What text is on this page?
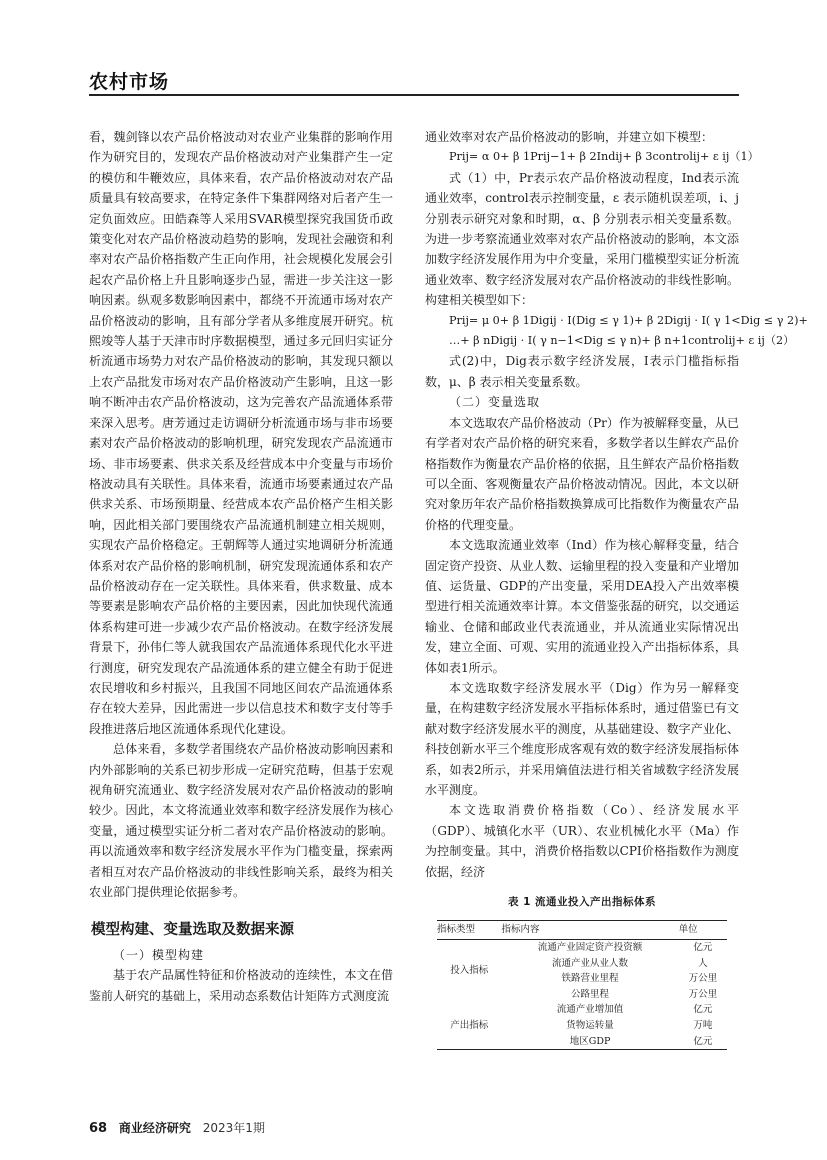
农村市场

看，魏剑锋以农产品价格波动对农业产业集群的影响作用作为研究目的，发现农产品价格波动对产业集群产生一定的模仿和牛鞭效应，具体来看，农产品价格波动对农产品质量具有较高要求，在特定条件下集群网络对后者产生一定负面效应。田皓森等人采用SVAR模型探究我国货币政策变化对农产品价格波动趋势的影响，发现社会融资和利率对农产品价格指数产生正向作用，社会规模化发展会引起农产品价格上升且影响逐步凸显，需进一步关注这一影响因素。纵观多数影响因素中，都绕不开流通市场对农产品价格波动的影响，且有部分学者从多维度展开研究。杭熙竣等人基于天津市时序数据模型，通过多元回归实证分析流通市场势力对农产品价格波动的影响，其发现只额以上农产品批发市场对农产品价格波动产生影响，且这一影响不断冲击农产品价格波动，这为完善农产品流通体系带来深入思考。唐芳通过走访调研分析流通市场与非市场要素对农产品价格波动的影响机理，研究发现农产品流通市场、非市场要素、供求关系及经营成本中介变量与市场价格波动具有关联性。具体来看，流通市场要素通过农产品供求关系、市场预期量、经营成本农产品价格产生相关影响，因此相关部门要围绕农产品流通机制建立相关规则，实现农产品价格稳定。王朝辉等人通过实地调研分析流通体系对农产品价格的影响机制，研究发现流通体系和农产品价格波动存在一定关联性。具体来看，供求数量、成本等要素是影响农产品价格的主要因素，因此加快现代流通体系构建可进一步减少农产品价格波动。在数字经济发展背景下，孙伟仁等人就我国农产品流通体系现代化水平进行测度，研究发现农产品流通体系的建立健全有助于促进农民增收和乡村振兴，且我国不同地区间农产品流通体系存在较大差异，因此需进一步以信息技术和数字支付等手段推进落后地区流通体系现代化建设。

总体来看，多数学者围绕农产品价格波动影响因素和内外部影响的关系已初步形成一定研究范畴，但基于宏观视角研究流通业、数字经济发展对农产品价格波动的影响较少。因此，本文将流通业效率和数字经济发展作为核心变量，通过模型实证分析二者对农产品价格波动的影响。再以流通效率和数字经济发展水平作为门槛变量，探索两者相互对农产品价格波动的非线性影响关系，最终为相关农业部门提供理论依据参考。

模型构建、变量选取及数据来源
（一）模型构建

基于农产品属性特征和价格波动的连续性，本文在借鉴前人研究的基础上，采用动态系数估计矩阵方式测度流

通业效率对农产品价格波动的影响，并建立如下模型：

Prij= α 0+ β 1Prij−1+ β 2Indij+ β 3controlij+ ε ij （1）

式（1）中，Pr表示农产品价格波动程度，Ind表示流通业效率，control表示控制变量，ε 表示随机误差项，i、j分别表示研究对象和时期，α、β 分别表示相关变量系数。为进一步考察流通业效率对农产品价格波动的影响，本文添加数字经济发展作用为中介变量，采用门槛模型实证分析流通业效率、数字经济发展对农产品价格波动的非线性影响。构建相关模型如下：

Prij= μ 0+ β 1Digij · I(Dig ≤ γ 1)+ β 2Digij · I( γ 1<Dig ≤ γ 2)+
…+ β nDigij · I( γ n−1<Dig ≤ γ n)+ β n+1controlij+ ε ij （2）

式(2)中，Dig表示数字经济发展，I表示门槛指标指数，μ、β 表示相关变量系数。

（二）变量选取

本文选取农产品价格波动（Pr）作为被解释变量，从已有学者对农产品价格的研究来看，多数学者以生鲜农产品价格指数作为衡量农产品价格的依据，且生鲜农产品价格指数可以全面、客观衡量农产品价格波动情况。因此，本文以研究对象历年农产品价格指数换算成可比指数作为衡量农产品价格的代理变量。

本文选取流通业效率（Ind）作为核心解释变量，结合固定资产投资、从业人数、运输里程的投入变量和产业增加值、运货量、GDP的产出变量，采用DEA投入产出效率模型进行相关流通效率计算。本文借鉴张磊的研究，以交通运输业、仓储和邮政业代表流通业，并从流通业实际情况出发，建立全面、可观、实用的流通业投入产出指标体系，具体如表1所示。

本文选取数字经济发展水平（Dig）作为另一解释变量，在构建数字经济发展水平指标体系时，通过借鉴已有文献对数字经济发展水平的测度，从基础建设、数字产业化、科技创新水平三个维度形成客观有效的数字经济发展指标体系，如表2所示，并采用熵值法进行相关省域数字经济发展水平测度。

本文选取消费价格指数（Co）、经济发展水平（GDP）、城镇化水平（UR）、农业机械化水平（Ma）作为控制变量。其中，消费价格指数以CPI价格指数作为测度依据，经济

表 1 流通业投入产出指标体系
指标类型	指标内容	单位
投入指标	流通产业固定资产投资额	亿元
	流通产业从业人数	人
	铁路营业里程	万公里
	公路里程	万公里
产出指标	流通产业增加值	亿元
	货物运转量	万吨
	地区GDP	亿元
68 商业经济研究 2023年1期
